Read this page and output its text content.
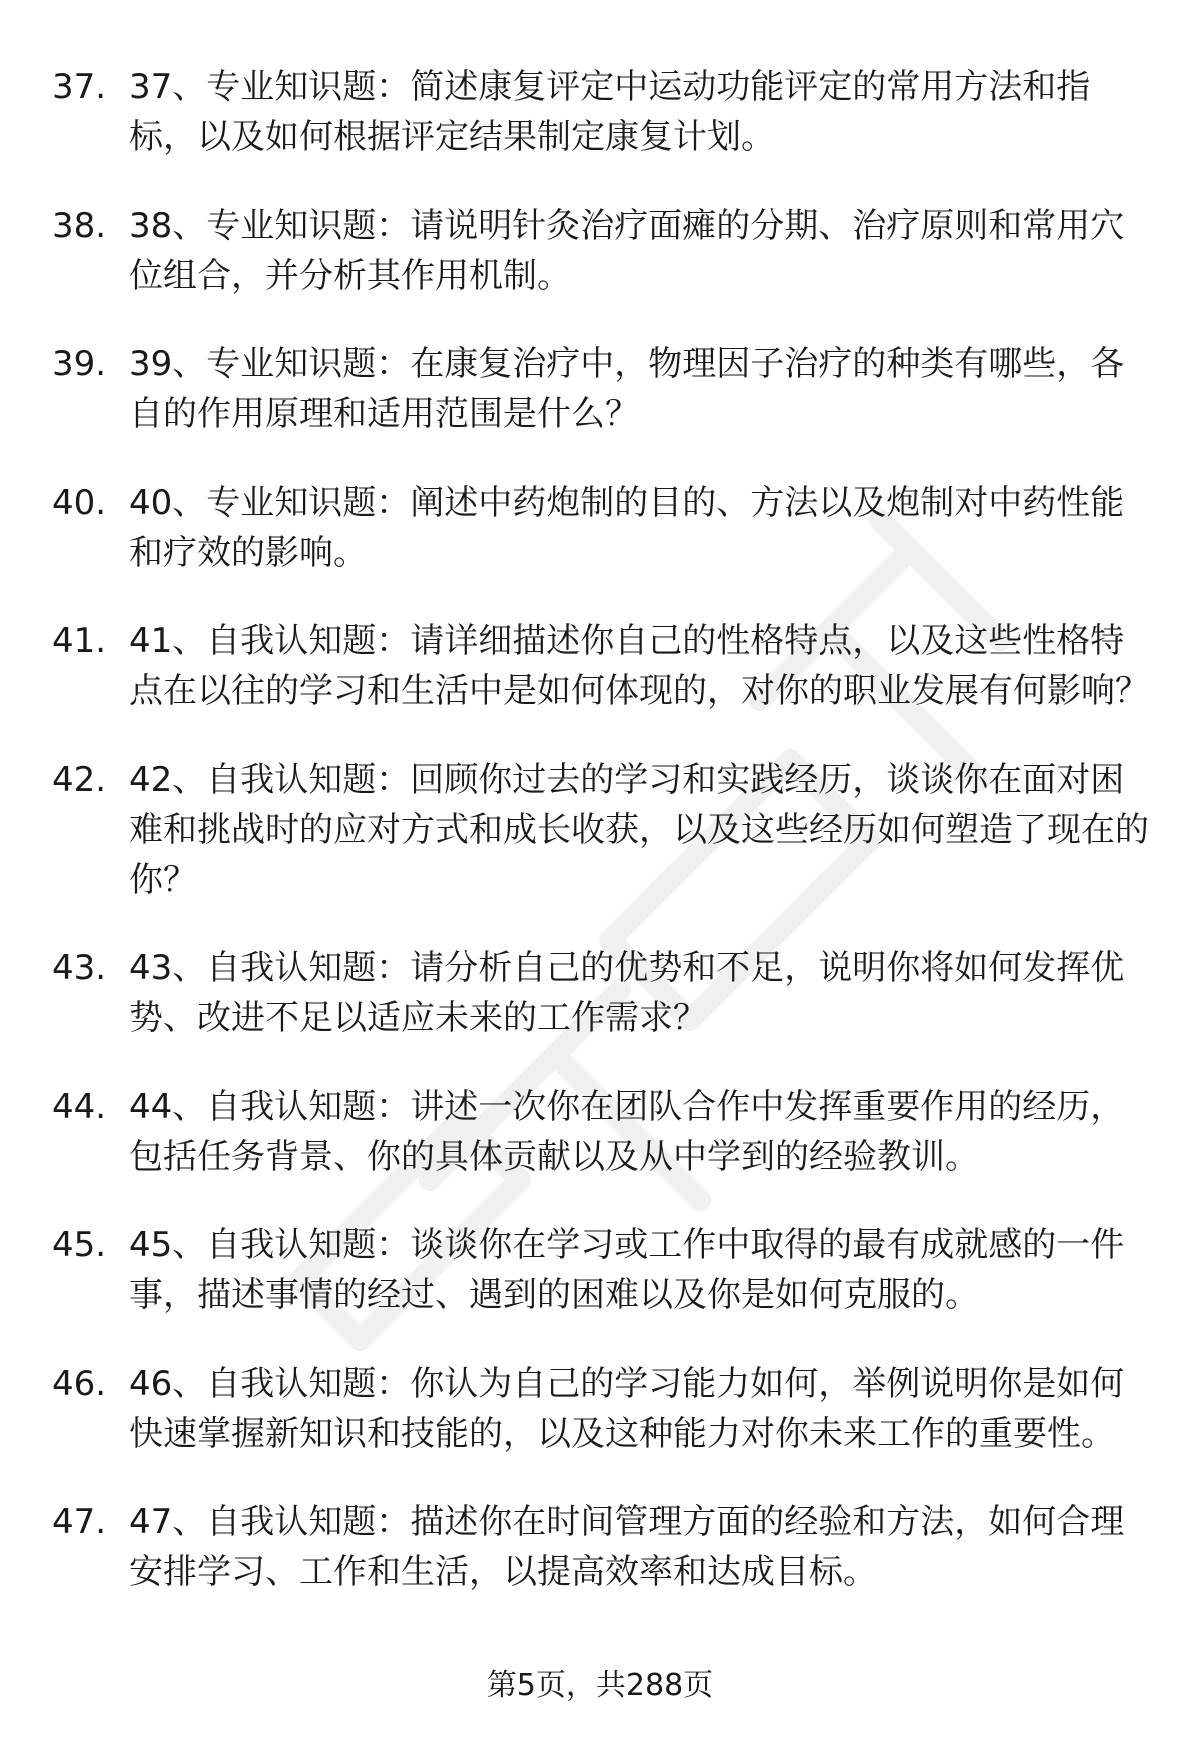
37. 37、专业知识题：简述康复评定中运动功能评定的常用方法和指标，以及如何根据评定结果制定康复计划。
38. 38、专业知识题：请说明针灸治疗面瘫的分期、治疗原则和常用穴位组合，并分析其作用机制。
39. 39、专业知识题：在康复治疗中，物理因子治疗的种类有哪些，各自的作用原理和适用范围是什么？
40. 40、专业知识题：阐述中药炮制的目的、方法以及炮制对中药性能和疗效的影响。
41. 41、自我认知题：请详细描述你自己的性格特点，以及这些性格特点在以往的学习和生活中是如何体现的，对你的职业发展有何影响？
42. 42、自我认知题：回顾你过去的学习和实践经历，谈谈你在面对困难和挑战时的应对方式和成长收获，以及这些经历如何塑造了现在的你？
43. 43、自我认知题：请分析自己的优势和不足，说明你将如何发挥优势、改进不足以适应未来的工作需求？
44. 44、自我认知题：讲述一次你在团队合作中发挥重要作用的经历，包括任务背景、你的具体贡献以及从中学到的经验教训。
45. 45、自我认知题：谈谈你在学习或工作中取得的最有成就感的一件事，描述事情的经过、遇到的困难以及你是如何克服的。
46. 46、自我认知题：你认为自己的学习能力如何，举例说明你是如何快速掌握新知识和技能的，以及这种能力对你未来工作的重要性。
47. 47、自我认知题：描述你在时间管理方面的经验和方法，如何合理安排学习、工作和生活，以提高效率和达成目标。
第5页，共288页
